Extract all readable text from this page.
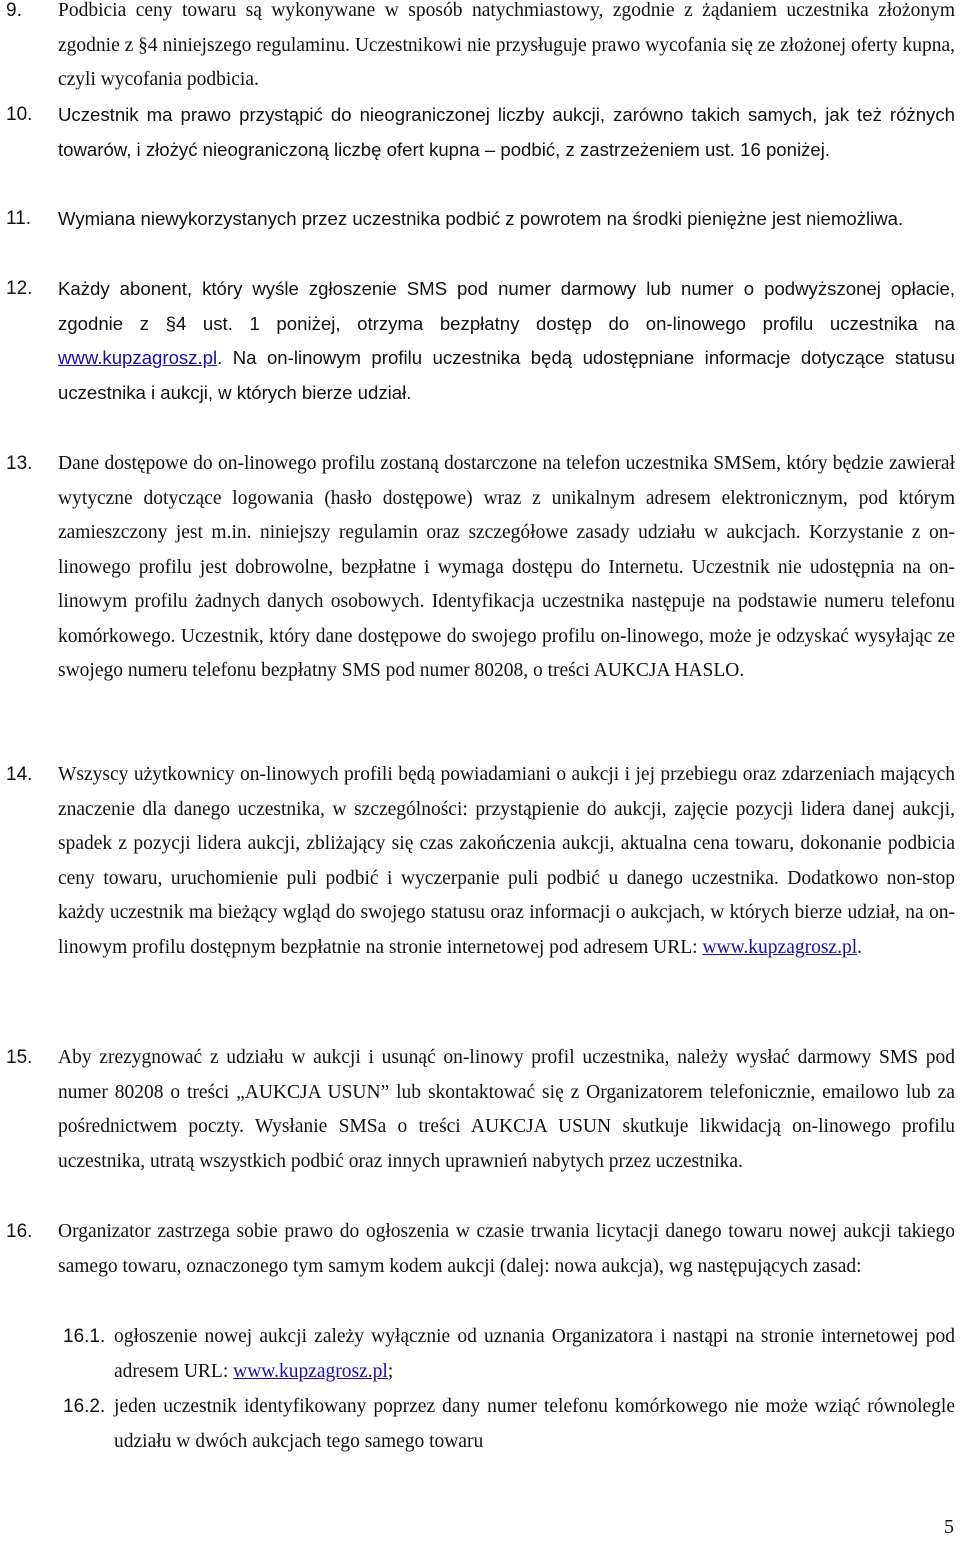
9. Podbicia ceny towaru są wykonywane w sposób natychmiastowy, zgodnie z żądaniem uczestnika złożonym zgodnie z §4 niniejszego regulaminu. Uczestnikowi nie przysługuje prawo wycofania się ze złożonej oferty kupna, czyli wycofania podbicia.
10. Uczestnik ma prawo przystąpić do nieograniczonej liczby aukcji, zarówno takich samych, jak też różnych towarów, i złożyć nieograniczoną liczbę ofert kupna – podbić, z zastrzeżeniem ust. 16 poniżej.
11. Wymiana niewykorzystanych przez uczestnika podbić z powrotem na środki pieniężne jest niemożliwa.
12. Każdy abonent, który wyśle zgłoszenie SMS pod numer darmowy lub numer o podwyższonej opłacie, zgodnie z §4 ust. 1 poniżej, otrzyma bezpłatny dostęp do on-linowego profilu uczestnika na www.kupzagrosz.pl. Na on-linowym profilu uczestnika będą udostępniane informacje dotyczące statusu uczestnika i aukcji, w których bierze udział.
13. Dane dostępowe do on-linowego profilu zostaną dostarczone na telefon uczestnika SMSem, który będzie zawierał wytyczne dotyczące logowania (hasło dostępowe) wraz z unikalnym adresem elektronicznym, pod którym zamieszczony jest m.in. niniejszy regulamin oraz szczegółowe zasady udziału w aukcjach. Korzystanie z on-linowego profilu jest dobrowolne, bezpłatne i wymaga dostępu do Internetu. Uczestnik nie udostępnia na on-linowym profilu żadnych danych osobowych. Identyfikacja uczestnika następuje na podstawie numeru telefonu komórkowego. Uczestnik, który dane dostępowe do swojego profilu on-linowego, może je odzyskać wysyłając ze swojego numeru telefonu bezpłatny SMS pod numer 80208, o treści AUKCJA HASLO.
14. Wszyscy użytkownicy on-linowych profili będą powiadamiani o aukcji i jej przebiegu oraz zdarzeniach mających znaczenie dla danego uczestnika, w szczególności: przystąpienie do aukcji, zajęcie pozycji lidera danej aukcji, spadek z pozycji lidera aukcji, zbliżający się czas zakończenia aukcji, aktualna cena towaru, dokonanie podbicia ceny towaru, uruchomienie puli podbić i wyczerpanie puli podbić u danego uczestnika. Dodatkowo non-stop każdy uczestnik ma bieżący wgląd do swojego statusu oraz informacji o aukcjach, w których bierze udział, na on-linowym profilu dostępnym bezpłatnie na stronie internetowej pod adresem URL: www.kupzagrosz.pl.
15. Aby zrezygnować z udziału w aukcji i usunąć on-linowy profil uczestnika, należy wysłać darmowy SMS pod numer 80208 o treści „AUKCJA USUN” lub skontaktować się z Organizatorem telefonicznie, emailowo lub za pośrednictwem poczty. Wysłanie SMSa o treści AUKCJA USUN skutkuje likwidacją on-linowego profilu uczestnika, utratą wszystkich podbić oraz innych uprawnień nabytych przez uczestnika.
16. Organizator zastrzega sobie prawo do ogłoszenia w czasie trwania licytacji danego towaru nowej aukcji takiego samego towaru, oznaczonego tym samym kodem aukcji (dalej: nowa aukcja), wg następujących zasad:
16.1. ogłoszenie nowej aukcji zależy wyłącznie od uznania Organizatora i nastąpi na stronie internetowej pod adresem URL: www.kupzagrosz.pl;
16.2. jeden uczestnik identyfikowany poprzez dany numer telefonu komórkowego nie może wziąć równolegle udziału w dwóch aukcjach tego samego towaru
5
